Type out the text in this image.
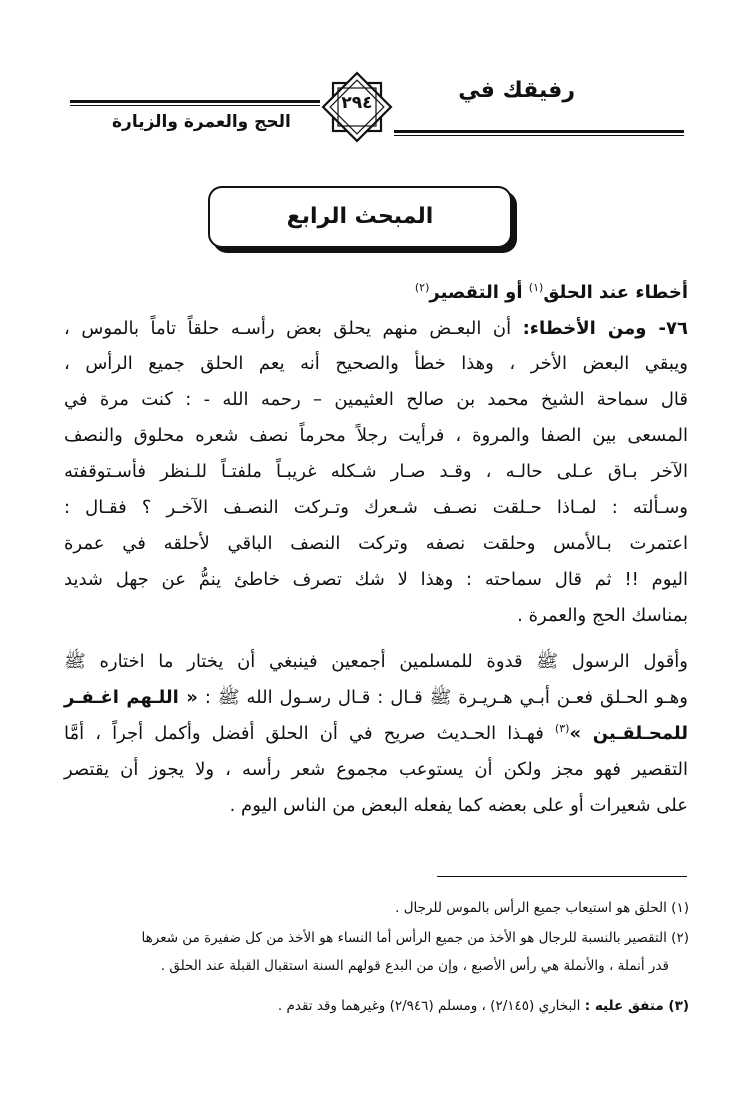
رفيقك في
الحج والعمرة والزيارة
٢٩٤
المبحث الرابع
أخطاء عند الحلق$^{(١)}$ أو التقصير$^{(٢)}$
٧٦- ومن الأخطاء: أن البعـض منهم يحلق بعض رأسـه حلقاً تاماً بالموس ،
ويبقي البعض الأخر ، وهذا خطأ والصحيح أنه يعم الحلق جميع الرأس ،
قال سماحة الشيخ محمد بن صالح العثيمين – رحمه الله - : كنت مرة في
المسعى بين الصفا والمروة ، فرأيت رجلاً محرماً نصف شعره محلوق والنصف
الآخر بـاق عـلى حالـه ، وقـد صـار شـكله غريبـاً ملفتـاً للـنظر فأسـتوقفته
وسـألته : لمـاذا حـلقت نصـف شـعرك وتـركت النصـف الآخـر ؟ فقـال :
اعتمرت بـالأمس وحلقت نصفه وتركت النصف الباقي لأحلقه في عمرة
اليوم !! ثم قال سماحته : وهذا لا شك تصرف خاطئ ينمُّ عن جهل شديد
بمناسك الحج والعمرة .
وأقول الرسول ﷺ قدوة للمسلمين أجمعين فينبغي أن يختار ما اختاره ﷺ
وهـو الحـلق فعـن أبـي هـريـرة ﷺ قـال : قـال رسـول الله ﷺ : « اللـهم اغـفـر
للمحـلقـين »$^{(٣)}$ فهـذا الحـديث صريح في أن الحلق أفضل وأكمل أجراً ، أمَّا
التقصير فهو مجز ولكن أن يستوعب مجموع شعر رأسه ، ولا يجوز أن يقتصر
على شعيرات أو على بعضه كما يفعله البعض من الناس اليوم .
(١) الحلق هو استيعاب جميع الرأس بالموس للرجال .
(٢) التقصير بالنسبة للرجال هو الأخذ من جميع الرأس أما النساء هو الأخذ من كل ضفيرة من شعرها
قدر أنملة ، والأنملة هي رأس الأصبع ، وإن من البدع قولهم السنة استقبال القبلة عند الحلق .
(٣) متفق عليه : البخاري (٢/١٤٥) ، ومسلم (٢/٩٤٦) وغيرهما وقد تقدم .
